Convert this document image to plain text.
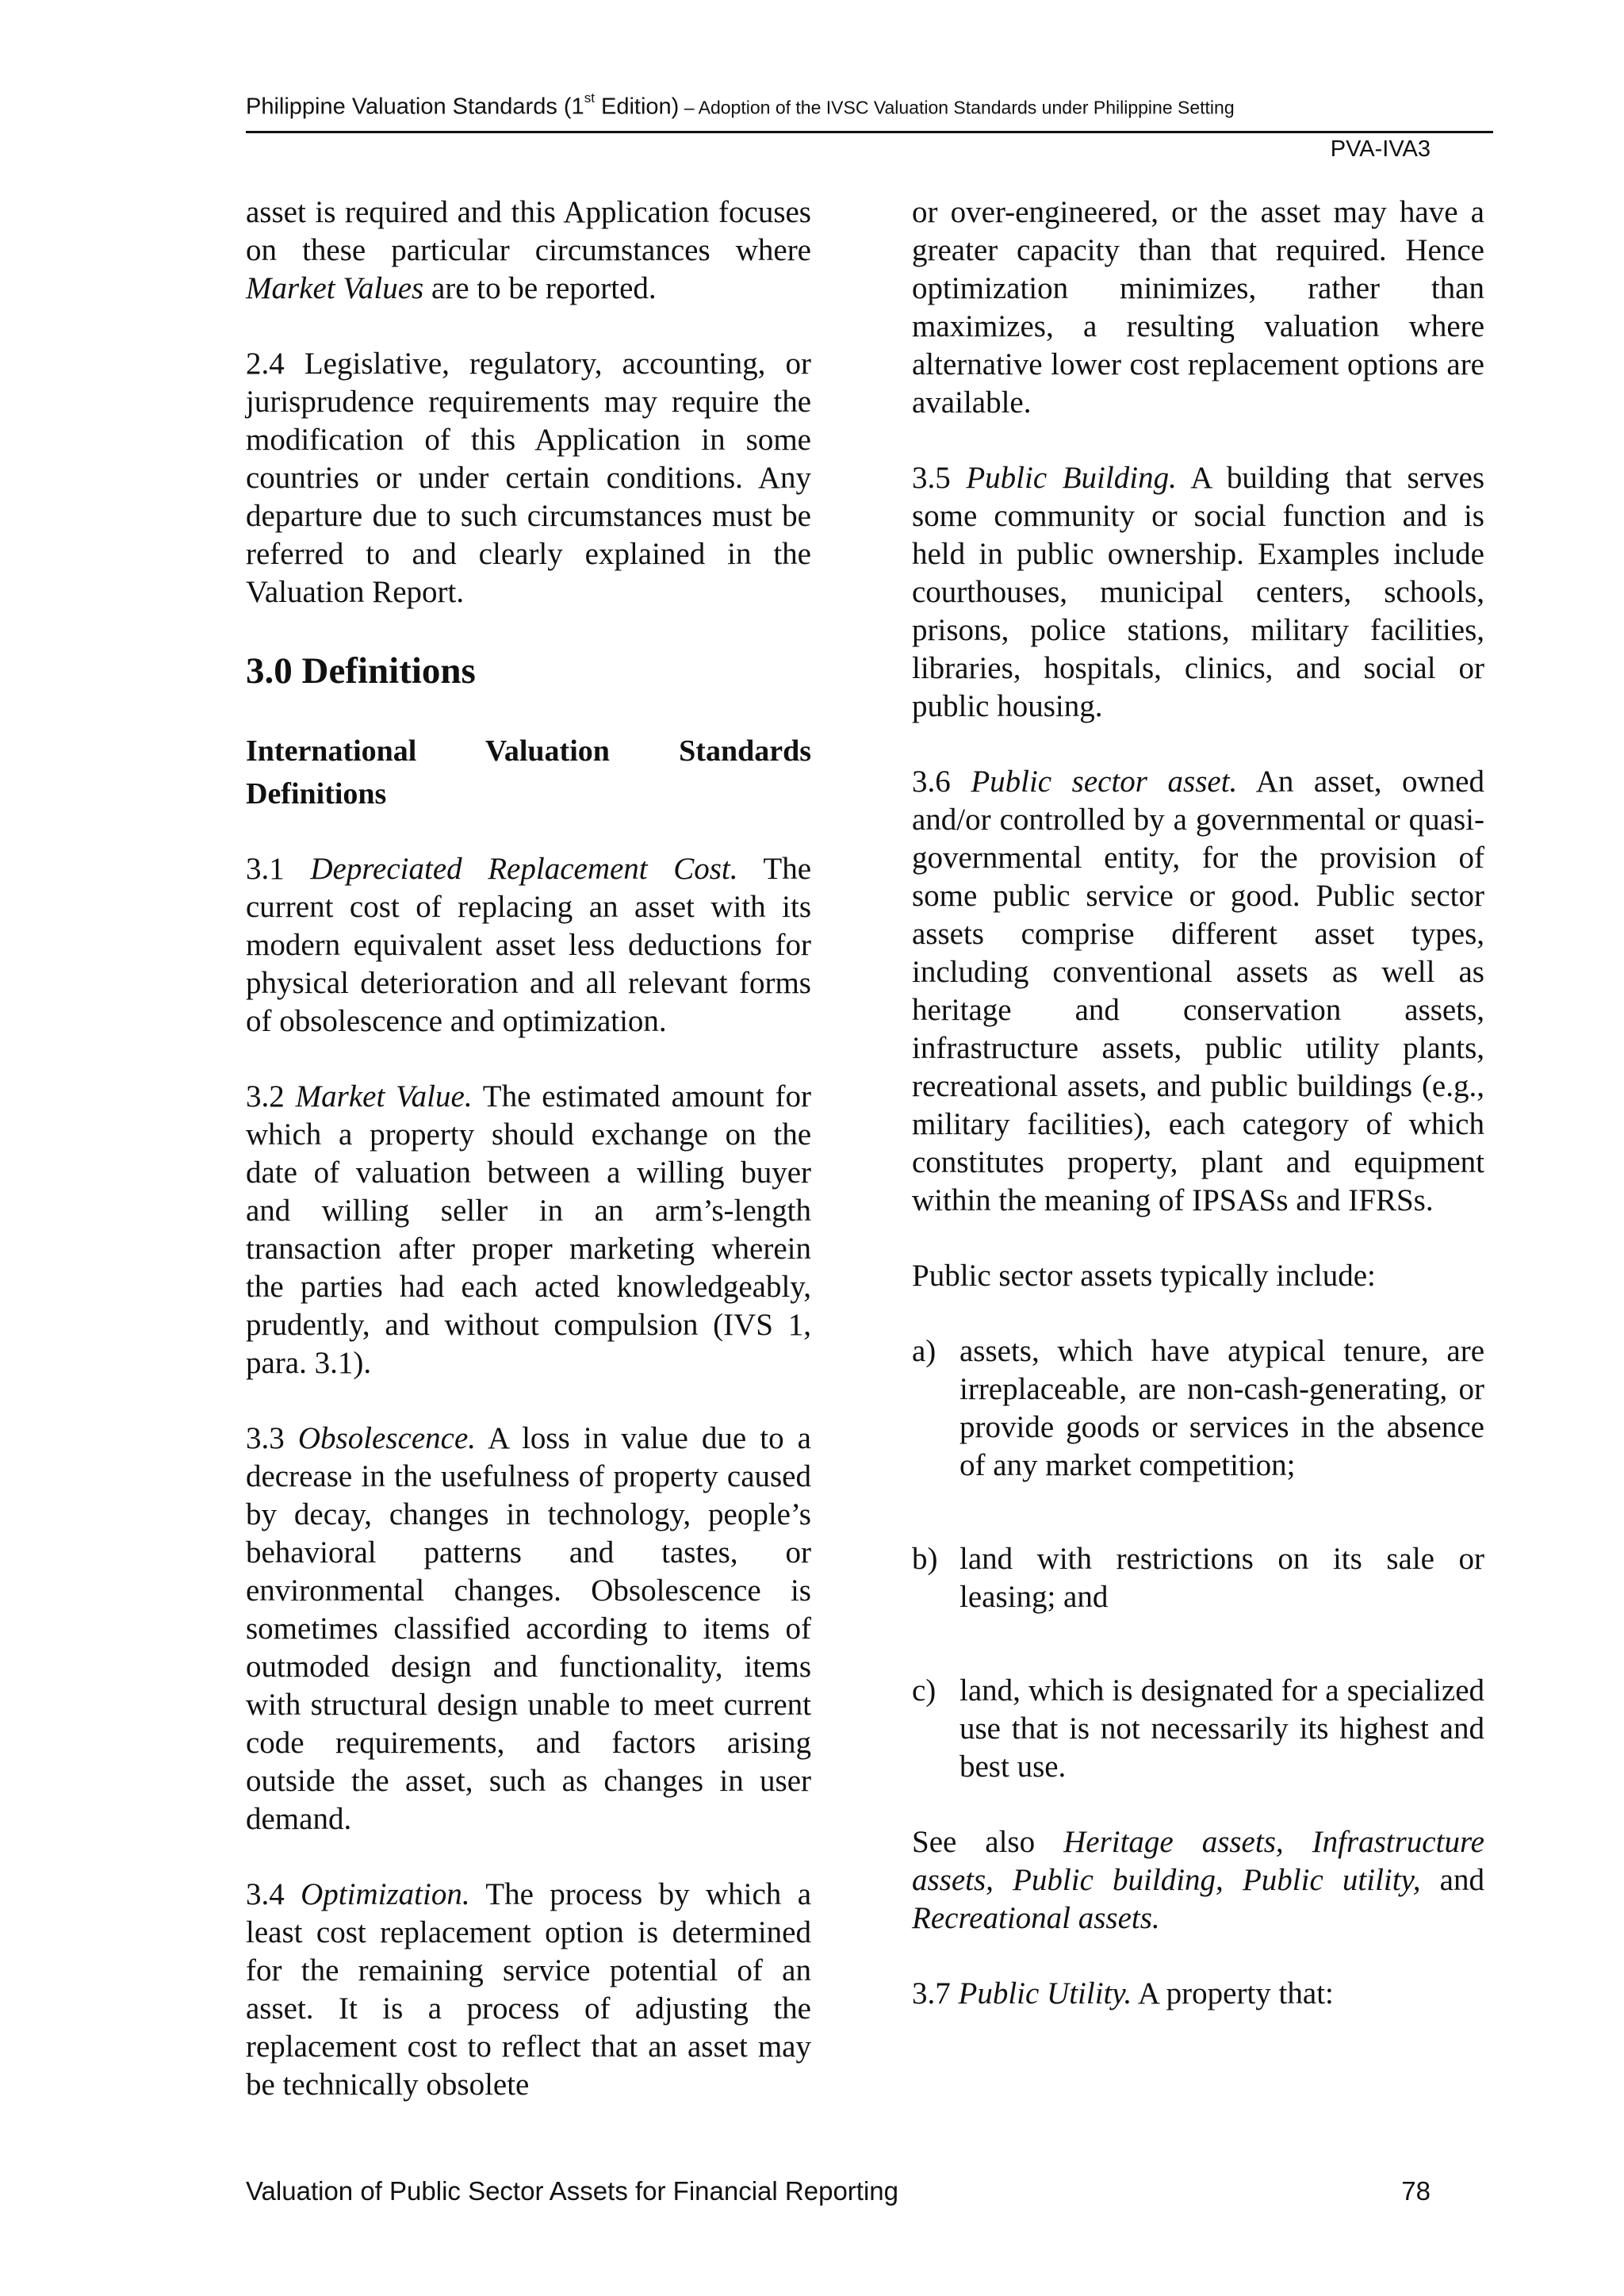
Philippine Valuation Standards (1st Edition) – Adoption of the IVSC Valuation Standards under Philippine Setting
PVA-IVA3

asset is required and this Application focuses on these particular circumstances where Market Values are to be reported.

2.4 Legislative, regulatory, accounting, or jurisprudence requirements may require the modification of this Application in some countries or under certain conditions. Any departure due to such circumstances must be referred to and clearly explained in the Valuation Report.

3.0 Definitions
International Valuation Standards
Definitions

3.1 Depreciated Replacement Cost. The current cost of replacing an asset with its modern equivalent asset less deductions for physical deterioration and all relevant forms of obsolescence and optimization.

3.2 Market Value. The estimated amount for which a property should exchange on the date of valuation between a willing buyer and willing seller in an arm’s-length transaction after proper marketing wherein the parties had each acted knowledgeably, prudently, and without compulsion (IVS 1, para. 3.1).

3.3 Obsolescence. A loss in value due to a decrease in the usefulness of property caused by decay, changes in technology, people’s behavioral patterns and tastes, or environmental changes. Obsolescence is sometimes classified according to items of outmoded design and functionality, items with structural design unable to meet current code requirements, and factors arising outside the asset, such as changes in user demand.

3.4 Optimization. The process by which a least cost replacement option is determined for the remaining service potential of an asset. It is a process of adjusting the replacement cost to reflect that an asset may be technically obsolete

or over-engineered, or the asset may have a greater capacity than that required. Hence optimization minimizes, rather than maximizes, a resulting valuation where alternative lower cost replacement options are available.

3.5 Public Building. A building that serves some community or social function and is held in public ownership. Examples include courthouses, municipal centers, schools, prisons, police stations, military facilities, libraries, hospitals, clinics, and social or public housing.

3.6 Public sector asset. An asset, owned and/or controlled by a governmental or quasi-governmental entity, for the provision of some public service or good. Public sector assets comprise different asset types, including conventional assets as well as heritage and conservation assets, infrastructure assets, public utility plants, recreational assets, and public buildings (e.g., military facilities), each category of which constitutes property, plant and equipment within the meaning of IPSASs and IFRSs.

Public sector assets typically include:

a) assets, which have atypical tenure, are irreplaceable, are non-cash-generating, or provide goods or services in the absence of any market competition;
b) land with restrictions on its sale or leasing; and
c) land, which is designated for a specialized use that is not necessarily its highest and best use.

See also Heritage assets, Infrastructure assets, Public building, Public utility, and Recreational assets.

3.7 Public Utility. A property that:

Valuation of Public Sector Assets for Financial Reporting	78
